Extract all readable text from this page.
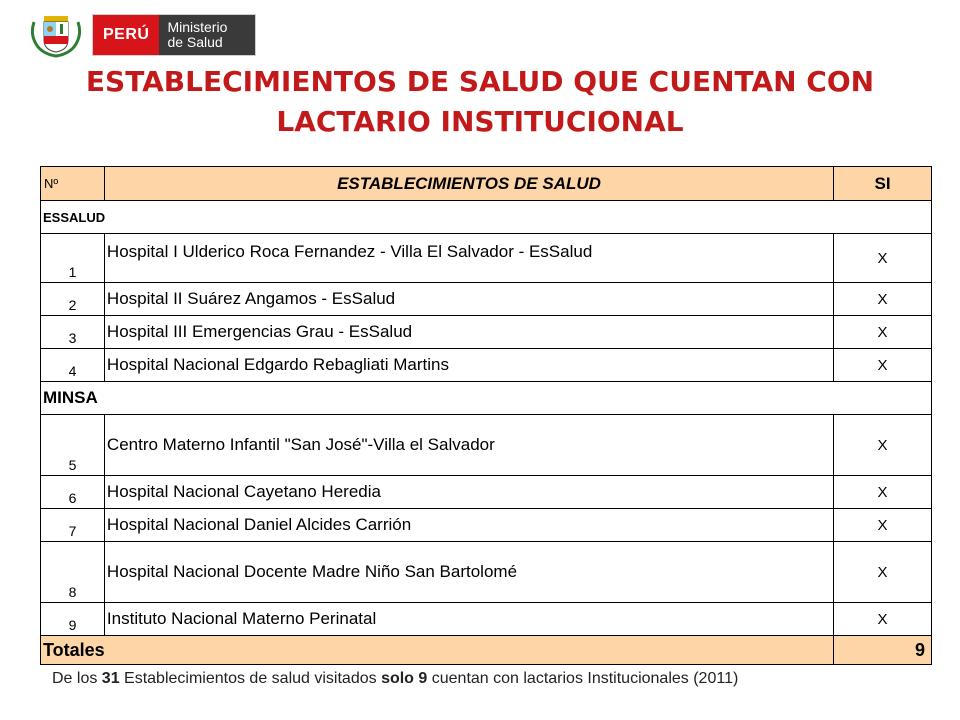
PERÚ	Ministerio
de Salud
ESTABLECIMIENTOS DE SALUD QUE CUENTAN CON
LACTARIO INSTITUCIONAL
Nº	ESTABLECIMIENTOS DE SALUD	SI
ESSALUD		
1	Hospital I Ulderico Roca Fernandez - Villa El Salvador - EsSalud	X
2	Hospital II Suárez Angamos - EsSalud	X
3	Hospital III Emergencias Grau - EsSalud	X
4	Hospital Nacional Edgardo Rebagliati Martins	X
MINSA		
5	Centro Materno Infantil "San José"-Villa el Salvador	X
6	Hospital Nacional Cayetano Heredia	X
7	Hospital Nacional Daniel Alcides Carrión	X
8	Hospital Nacional Docente Madre Niño San Bartolomé	X
9	Instituto Nacional Materno Perinatal	X
Totales		9
De los 31 Establecimientos de salud visitados solo 9 cuentan con lactarios Institucionales (2011)
